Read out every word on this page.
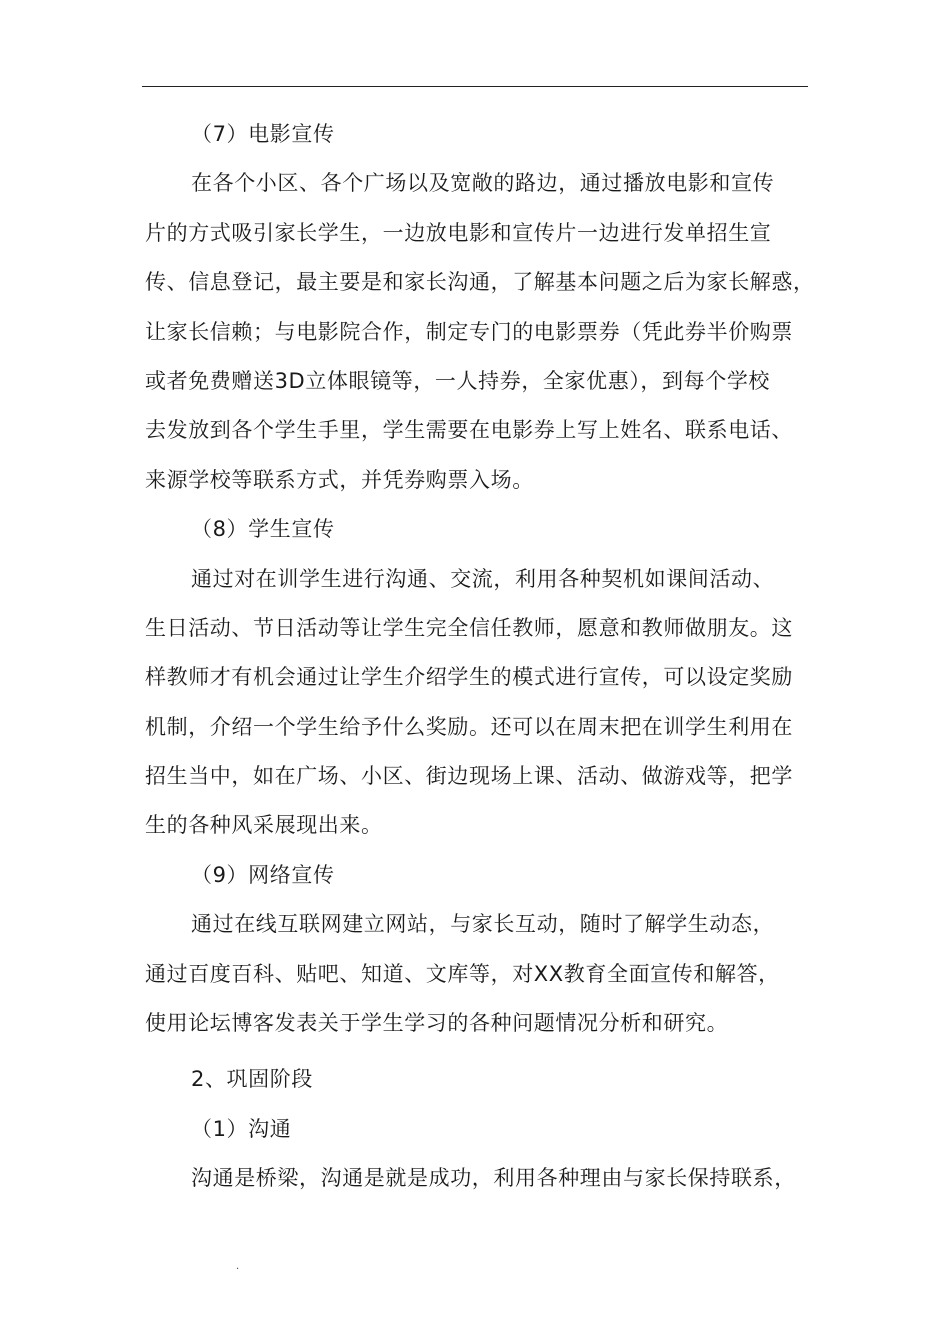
（7）电影宣传
在各个小区、各个广场以及宽敞的路边，通过播放电影和宣传
片的方式吸引家长学生，一边放电影和宣传片一边进行发单招生宣
传、信息登记，最主要是和家长沟通，了解基本问题之后为家长解惑，
让家长信赖；与电影院合作，制定专门的电影票券（凭此券半价购票
或者免费赠送3D立体眼镜等，一人持券，全家优惠），到每个学校
去发放到各个学生手里，学生需要在电影券上写上姓名、联系电话、
来源学校等联系方式，并凭券购票入场。
（8）学生宣传
通过对在训学生进行沟通、交流，利用各种契机如课间活动、
生日活动、节日活动等让学生完全信任教师，愿意和教师做朋友。这
样教师才有机会通过让学生介绍学生的模式进行宣传，可以设定奖励
机制，介绍一个学生给予什么奖励。还可以在周末把在训学生利用在
招生当中，如在广场、小区、街边现场上课、活动、做游戏等，把学
生的各种风采展现出来。
（9）网络宣传
通过在线互联网建立网站，与家长互动，随时了解学生动态，
通过百度百科、贴吧、知道、文库等，对XX教育全面宣传和解答，
使用论坛博客发表关于学生学习的各种问题情况分析和研究。
2、巩固阶段
（1）沟通
沟通是桥梁，沟通是就是成功，利用各种理由与家长保持联系，
.
